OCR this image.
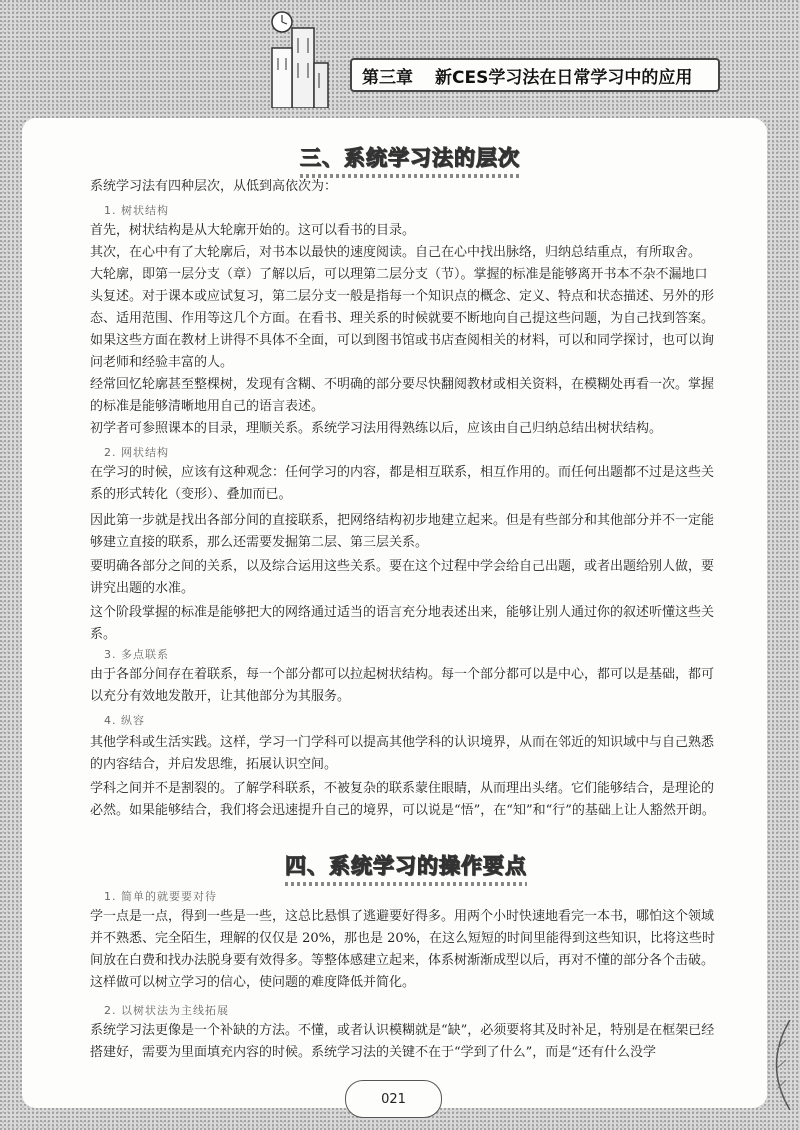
第三章 新CES学习法在日常学习中的应用
三、系统学习法的层次
系统学习法有四种层次，从低到高依次为：
1. 树状结构
首先，树状结构是从大轮廓开始的。这可以看书的目录。
其次，在心中有了大轮廓后，对书本以最快的速度阅读。自己在心中找出脉络，归纳总结重点，有所取舍。
大轮廓，即第一层分支（章）了解以后，可以理第二层分支（节）。掌握的标准是能够离开书本不杂不漏地口头复述。对于课本或应试复习，第二层分支一般是指每一个知识点的概念、定义、特点和状态描述、另外的形态、适用范围、作用等这几个方面。在看书、理关系的时候就要不断地向自己提这些问题，为自己找到答案。如果这些方面在教材上讲得不具体不全面，可以到图书馆或书店查阅相关的材料，可以和同学探讨，也可以询问老师和经验丰富的人。
经常回忆轮廓甚至整棵树，发现有含糊、不明确的部分要尽快翻阅教材或相关资料，在模糊处再看一次。掌握的标准是能够清晰地用自己的语言表述。
初学者可参照课本的目录，理顺关系。系统学习法用得熟练以后，应该由自己归纳总结出树状结构。
2. 网状结构
在学习的时候，应该有这种观念：任何学习的内容，都是相互联系，相互作用的。而任何出题都不过是这些关系的形式转化（变形）、叠加而已。
因此第一步就是找出各部分间的直接联系，把网络结构初步地建立起来。但是有些部分和其他部分并不一定能够建立直接的联系，那么还需要发掘第二层、第三层关系。
要明确各部分之间的关系，以及综合运用这些关系。要在这个过程中学会给自己出题，或者出题给别人做，要讲究出题的水准。
这个阶段掌握的标准是能够把大的网络通过适当的语言充分地表述出来，能够让别人通过你的叙述听懂这些关系。
3. 多点联系
由于各部分间存在着联系，每一个部分都可以拉起树状结构。每一个部分都可以是中心，都可以是基础，都可以充分有效地发散开，让其他部分为其服务。
4. 纵容
其他学科或生活实践。这样，学习一门学科可以提高其他学科的认识境界，从而在邻近的知识域中与自己熟悉的内容结合，并启发思维，拓展认识空间。
学科之间并不是割裂的。了解学科联系，不被复杂的联系蒙住眼睛，从而理出头绪。它们能够结合，是理论的必然。如果能够结合，我们将会迅速提升自己的境界，可以说是“悟”，在“知”和“行”的基础上让人豁然开朗。
四、系统学习的操作要点
1. 简单的就要要对待
学一点是一点，得到一些是一些，这总比悬惧了逃避要好得多。用两个小时快速地看完一本书，哪怕这个领域并不熟悉、完全陌生，理解的仅仅是 20%，那也是 20%，在这么短短的时间里能得到这些知识，比将这些时间放在白费和找办法脱身要有效得多。等整体感建立起来，体系树渐渐成型以后，再对不懂的部分各个击破。这样做可以树立学习的信心，使问题的难度降低并简化。
2. 以树状法为主线拓展
系统学习法更像是一个补缺的方法。不懂，或者认识模糊就是“缺”，必须要将其及时补足，特别是在框架已经搭建好，需要为里面填充内容的时候。系统学习法的关键不在于“学到了什么”，而是“还有什么没学
021
